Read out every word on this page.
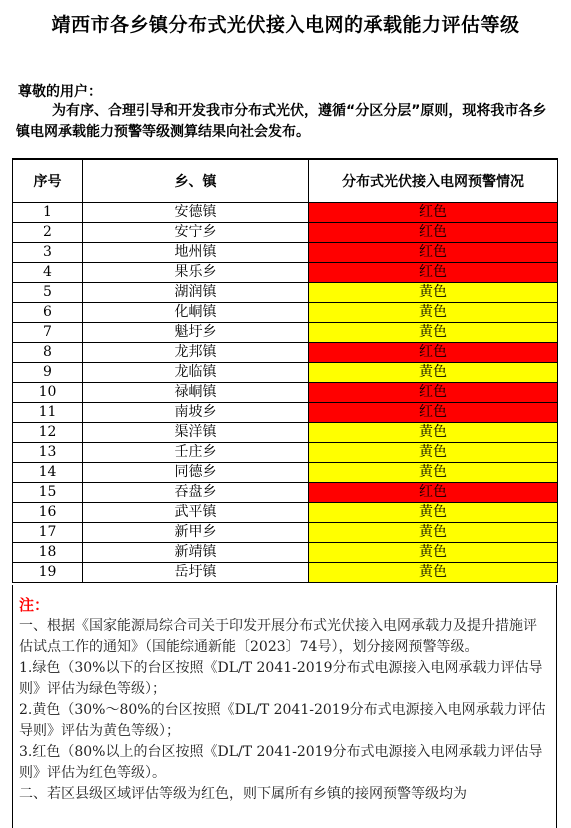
靖西市各乡镇分布式光伏接入电网的承载能力评估等级
尊敬的用户：
为有序、合理引导和开发我市分布式光伏，遵循“分区分层”原则，现将我市各乡镇电网承载能力预警等级测算结果向社会发布。
序号	乡、镇	分布式光伏接入电网预警情况
1	安德镇	红色
2	安宁乡	红色
3	地州镇	红色
4	果乐乡	红色
5	湖润镇	黄色
6	化峒镇	黄色
7	魁圩乡	黄色
8	龙邦镇	红色
9	龙临镇	黄色
10	禄峒镇	红色
11	南坡乡	红色
12	渠洋镇	黄色
13	壬庄乡	黄色
14	同德乡	黄色
15	吞盘乡	红色
16	武平镇	黄色
17	新甲乡	黄色
18	新靖镇	黄色
19	岳圩镇	黄色
注：

一、根据《国家能源局综合司关于印发开展分布式光伏接入电网承载力及提升措施评估试点工作的通知》（国能综通新能〔2023〕74号），划分接网预警等级。

1.绿色（30%以下的台区按照《DL/T 2041-2019分布式电源接入电网承载力评估导则》评估为绿色等级）；

2.黄色（30%～80%的台区按照《DL/T 2041-2019分布式电源接入电网承载力评估导则》评估为黄色等级）；

3.红色（80%以上的台区按照《DL/T 2041-2019分布式电源接入电网承载力评估导则》评估为红色等级）。

二、若区县级区域评估等级为红色，则下属所有乡镇的接网预警等级均为
